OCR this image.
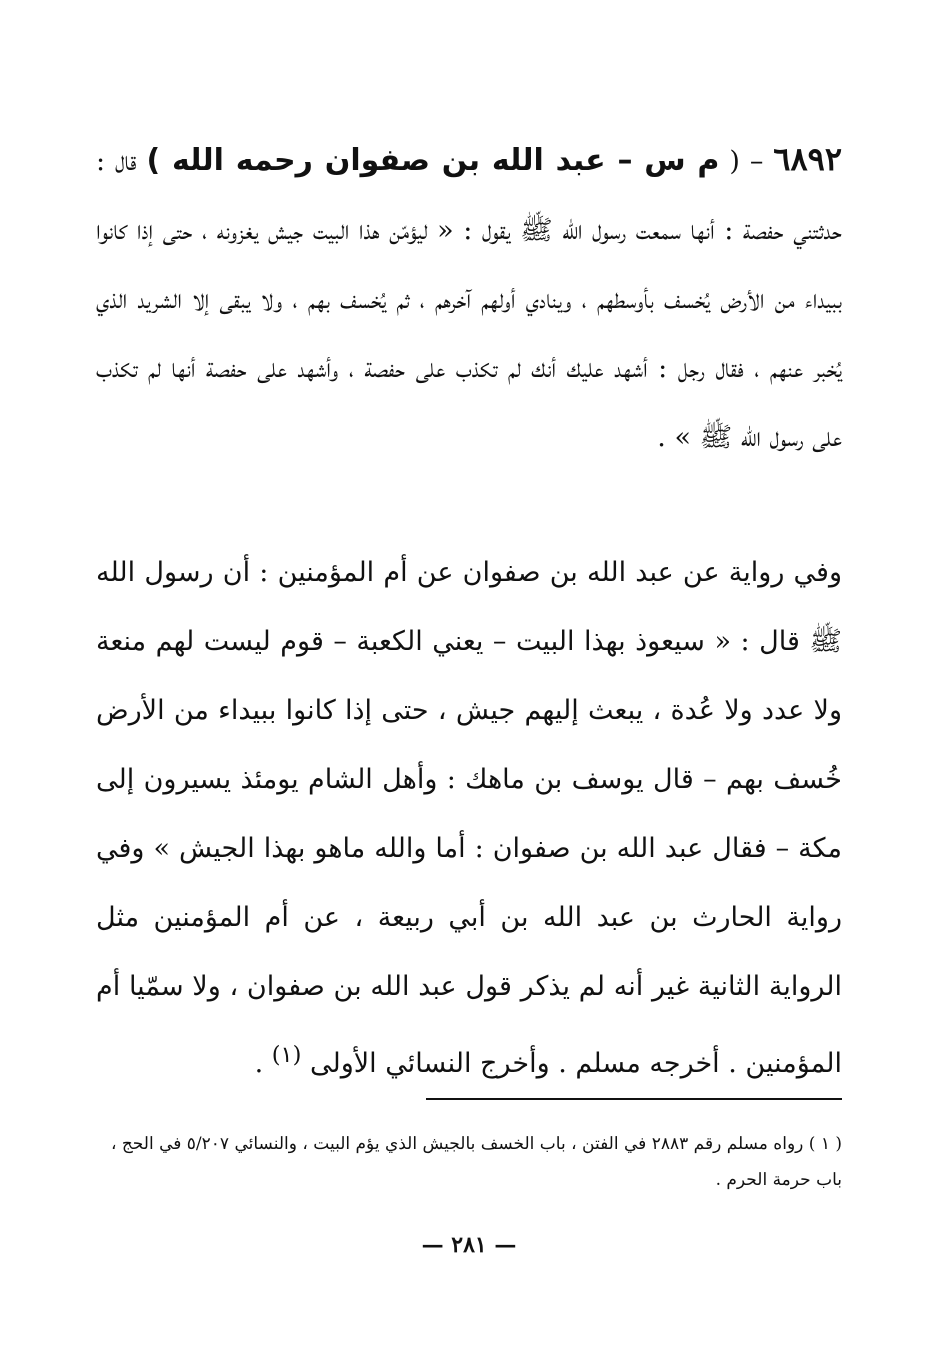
٦٨٩٢ – ( م س – عبد الله بن صفوان رحمه الله ) قال : حدثتني حفصة : أنها سمعت رسول الله ﷺ يقول : « ليؤمّن هذا البيت جيش يغزونه ، حتى إذا كانوا ببيداء من الأرض يُخسف بأوسطهم ، وينادي أولهم آخرهم ، ثم يُخسف بهم ، ولا يبقى إلا الشريد الذي يُخبر عنهم ، فقال رجل : أشهد عليك أنك لم تكذب على حفصة ، وأشهد على حفصة أنها لم تكذب على رسول الله ﷺ » .
وفي رواية عن عبد الله بن صفوان عن أم المؤمنين : أن رسول الله ﷺ قال : « سيعوذ بهذا البيت – يعني الكعبة – قوم ليست لهم منعة ولا عدد ولا عُدة ، يبعث إليهم جيش ، حتى إذا كانوا ببيداء من الأرض خُسف بهم – قال يوسف بن ماهك : وأهل الشام يومئذ يسيرون إلى مكة – فقال عبد الله بن صفوان : أما والله ماهو بهذا الجيش » وفي رواية الحارث بن عبد الله بن أبي ربيعة ، عن أم المؤمنين مثل الرواية الثانية غير أنه لم يذكر قول عبد الله بن صفوان ، ولا سمّيا أم المؤمنين . أخرجه مسلم . وأخرج النسائي الأولى $^{(١)}$ .
( ١ ) رواه مسلم رقم ٢٨٨٣ في الفتن ، باب الخسف بالجيش الذي يؤم البيت ، والنسائي ٥/٢٠٧ في الحج ، باب حرمة الحرم .
— ٢٨١ —
